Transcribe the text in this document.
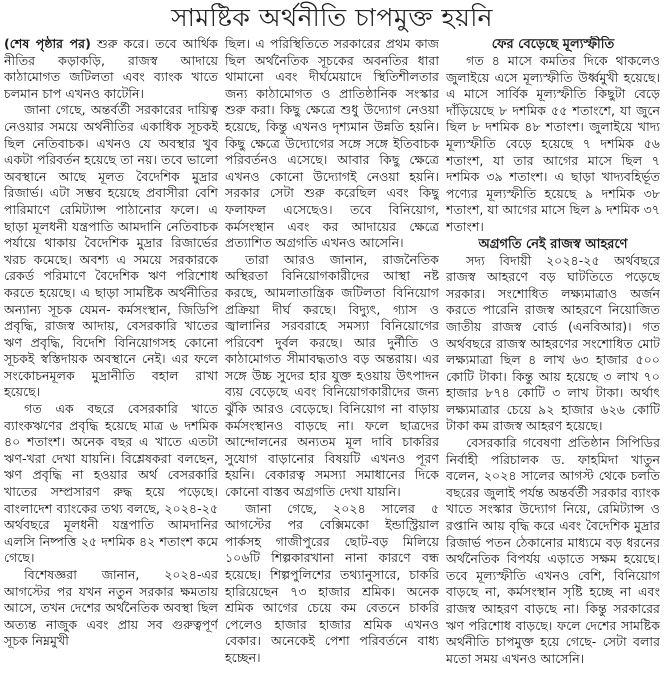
সামষ্টিক অর্থনীতি চাপমুক্ত হয়নি

(শেষ পৃষ্ঠার পর) শুরু করে। তবে আর্থিক নীতির কড়াকড়ি, রাজস্ব আদায়ে কাঠামোগত জটিলতা এবং ব্যাংক খাতে চলমান চাপ এখনও কাটেনি।

জানা গেছে, অন্তর্বর্তী সরকারের দায়িত্ব নেওয়ার সময়ে অর্থনীতির একাধিক সূচকই ছিল নেতিবাচক। এখনও যে অবস্থার খুব একটা পরিবর্তন হয়েছে তা নয়। তবে ভালো অবস্থানে আছে মূলত বৈদেশিক মুদ্রার রিজার্ভ। এটা সম্ভব হয়েছে প্রবাসীরা বেশি পারিমাণে রেমিট্যান্স পাঠানোর ফলে। এ ছাড়া মূলধনী যন্ত্রপাতি আমদানি নেতিবাচক পর্যায়ে থাকায় বৈদেশিক মুদ্রার রিজার্ভের খরচ কমেছে। অবশ্য এ সময়ে সরকারকে রেকর্ড পরিমাণে বৈদেশিক ঋণ পরিশোধ করতে হয়েছে। এ ছাড়া সামষ্টিক অর্থনীতির অন্যান্য সূচক যেমন- কর্মসংস্থান, জিডিপি প্রবৃদ্ধি, রাজস্ব আদায়, বেসরকারি খাতের ঋণ প্রবৃদ্ধি, বিদেশি বিনিয়োগসহ কোনো সূচকই স্বস্তিদায়ক অবস্থানে নেই। এর ফলে সংকোচনমূলক মুদ্রানীতি বহাল রাখা হয়েছে।

গত এক বছরে বেসরকারি খাতে ব্যাংকঋণের প্রবৃদ্ধি হয়েছে মাত্র ৬ দশমিক ৪০ শতাংশ। অনেক বছর এ খাতে এতটা ঋণ-খরা দেখা যায়নি। বিশ্লেষকরা বলছেন, ঋণ প্রবৃদ্ধি না হওয়ার অর্থ বেসরকারি খাতের সম্প্রসারণ রুদ্ধ হয়ে পড়েছে। বাংলাদেশ ব্যাংকের তথ্য বলছে, ২০২৪-২৫ অর্থবছরে মূলধনী যন্ত্রপাতি আমদানির এলসি নিষ্পত্তি ২৫ দশমিক ৪২ শতাংশ কমে গেছে।

বিশেষজ্ঞরা জানান, ২০২৪-এর আগস্টের পর যখন নতুন সরকার ক্ষমতায় আসে, তখন দেশের অর্থনৈতিক অবস্থা ছিল অত্যন্ত নাজুক এবং প্রায় সব গুরুত্বপূর্ণ সূচক নিম্নমুখী

ছিল। এ পরিস্থিতিতে সরকারের প্রথম কাজ ছিল অর্থনৈতিক সূচকের অবনতির ধারা থামানো এবং দীর্ঘমেয়াদে স্থিতিশীলতার জন্য কাঠামোগত ও প্রাতিষ্ঠানিক সংস্কার শুরু করা। কিছু ক্ষেত্রে শুধু উদ্যোগ নেওয়া হয়েছে, কিন্তু এখনও দৃশ্যমান উন্নতি হয়নি। কিছু ক্ষেত্রে উদ্যোগের সঙ্গে সঙ্গে ইতিবাচক পরিবর্তনও এসেছে। আবার কিছু ক্ষেত্রে এখনও কোনো উদ্যোগই নেওয়া হয়নি। সরকার সেটা শুরু করেছিল এবং কিছু ফলাফল এসেছেও। তবে বিনিয়োগ, কর্মসংস্থান এবং কর আদায়ের ক্ষেত্রে প্রত্যাশিত অগ্রগতি এখনও আসেনি।

তারা আরও জানান, রাজনৈতিক অস্থিরতা বিনিয়োগকারীদের আস্থা নষ্ট করছে, আমলাতান্ত্রিক জটিলতা বিনিয়োগ প্রক্রিয়া দীর্ঘ করছে। বিদ্যুৎ, গ্যাস ও জ্বালানির সরবরাহে সমস্যা বিনিয়োগের পরিবেশ দুর্বল করছে। আর দুর্নীতি ও কাঠামোগত সীমাবদ্ধতাও বড় অন্তরায়। এর সঙ্গে উচ্চ সুদের হার যুক্ত হওয়ায় উৎপাদন ব্যয় বেড়েছে এবং বিনিয়োগকারীদের জন্য ঝুঁকি আরও বেড়েছে। বিনিয়োগ না বাড়ায় কর্মসংস্থানও বাড়ছে না। ফলে ছাত্রদের আন্দোলনের অন্যতম মূল দাবি চাকরির সুযোগ বাড়ানোর বিষয়টি এখনও পূরণ হয়নি। বেকারত্ব সমস্যা সমাধানের দিকে কোনো বাস্তব অগ্রগতি দেখা যায়নি।

জানা গেছে, ২০২৪ সালের ৫ আগস্টের পর বেক্সিমকো ইন্ডাস্ট্রিয়াল পার্কসহ গাজীপুরের ছোট-বড় মিলিয়ে ১০৬টি শিল্পকারখানা নানা কারণে বন্ধ হয়েছে। শিল্পপুলিশের তথ্যানুসারে, চাকরি হারিয়েছেন ৭৩ হাজার শ্রমিক। অনেক শ্রমিক আগের চেয়ে কম বেতনে চাকরি পেলেও হাজার হাজার শ্রমিক এখনও বেকার। অনেকেই পেশা পরিবর্তনে বাধ্য হচ্ছেন।

ফের বেড়েছে মূল্যস্ফীতি

গত ৪ মাসে কমতির দিকে থাকলেও জুলাইয়ে এসে মূল্যস্ফীতি উর্ধ্বমুখী হয়েছে। এ মাসে সার্বিক মূল্যস্ফীতি কিছুটা বেড়ে দাঁড়িয়েছে ৮ দশমিক ৫৫ শতাংশে, যা জুনে ছিল ৮ দশমিক ৪৮ শতাংশ। জুলাইয়ে খাদ্য মূল্যস্ফীতি বেড়ে হয়েছে ৭ দশমিক ৫৬ শতাংশ, যা তার আগের মাসে ছিল ৭ দশমিক ৩৯ শতাংশ। এ ছাড়া খাদ্যবহির্ভূত পণ্যের মূল্যস্ফীতি হয়েছে ৯ দশমিক ৩৮ শতাংশ, যা আগের মাসে ছিল ৯ দশমিক ৩৭ শতাংশ।

অগ্রগতি নেই রাজস্ব আহরণে

সদ্য বিদায়ী ২০২৪-২৫ অর্থবছরে রাজস্ব আহরণে বড় ঘাটতিতে পড়েছে সরকার। সংশোধিত লক্ষ্যমাত্রাও অর্জন করতে পারেনি রাজস্ব আহরণে নিয়োজিত জাতীয় রাজস্ব বোর্ড (এনবিআর)। গত অর্থবছরে রাজস্ব আহরণের সংশোধিত মোট লক্ষ্যমাত্রা ছিল ৪ লাখ ৬৩ হাজার ৫০০ কোটি টাকা। কিন্তু আয় হয়েছে ৩ লাখ ৭০ হাজার ৮৭৪ কোটি ৩ লাখ টাকা। অর্থাৎ লক্ষ্যমাত্রার চেয়ে ৯২ হাজার ৬২৬ কোটি টাকা কম রাজস্ব আহরণ হয়েছে।

বেসরকারি গবেষণা প্রতিষ্ঠান সিপিডির নির্বাহী পরিচালক ড. ফাহমিদা খাতুন বলেন, ২০২৪ সালের আগস্ট থেকে চলতি বছরের জুলাই পর্যন্ত অন্তর্বর্তী সরকার ব্যাংক খাতে সংস্কার উদ্যোগ নিয়ে, রেমিট্যান্স ও রপ্তানি আয় বৃদ্ধি করে এবং বৈদেশিক মুদ্রার রিজার্ভ পতন ঠেকানোর মাধ্যমে বড় ধরনের অর্থনৈতিক বিপর্যয় এড়াতে সক্ষম হয়েছে। তবে মূল্যস্ফীতি এখনও বেশি, বিনিয়োগ বাড়ছে না, কর্মসংস্থান সৃষ্টি হচ্ছে না এবং রাজস্ব আহরণ বাড়ছে না। কিন্তু সরকারের ঋণ পরিশোধ বাড়ছে। ফলে দেশের সামষ্টিক অর্থনীতি চাপমুক্ত হয়ে গেছে- সেটা বলার মতো সময় এখনও আসেনি।
